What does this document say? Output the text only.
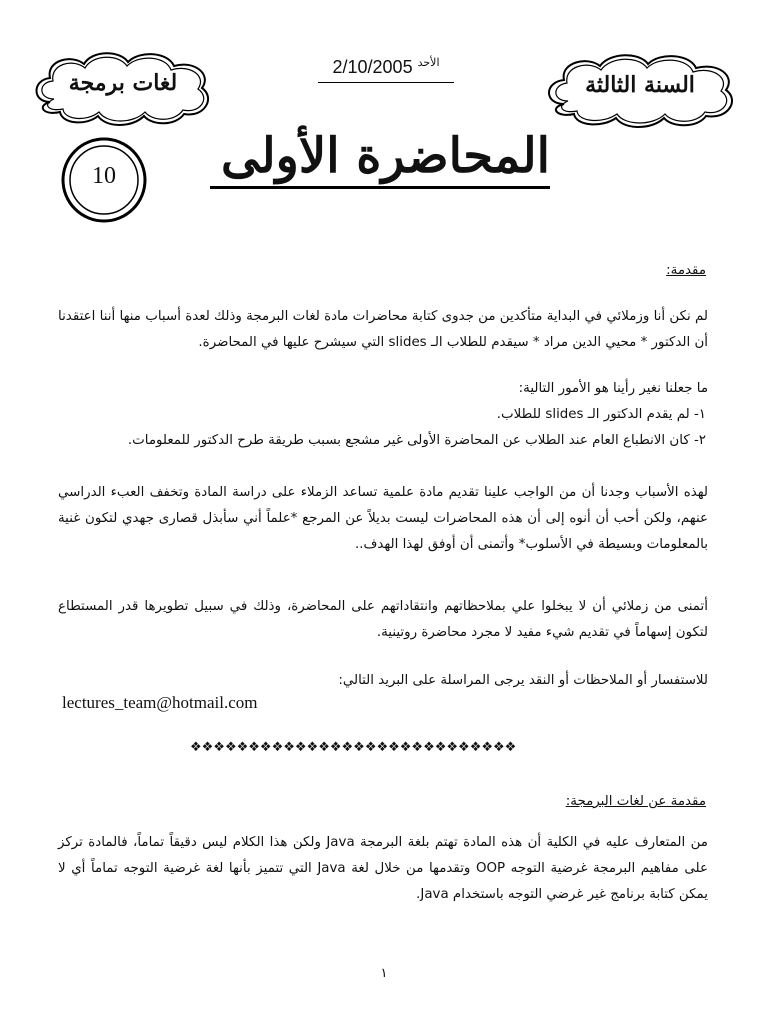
لغات برمجة
$^{الأحد}$ 2/10/2005
السنة الثالثة
10	المحاضرة الأولى
مقدمة:

لم نكن أنا وزملائي في البداية متأكدين من جدوى كتابة محاضرات مادة لغات البرمجة وذلك لعدة أسباب منها أننا اعتقدنا أن الدكتور * محيي الدين مراد * سيقدم للطلاب الـ slides التي سيشرح عليها في المحاضرة.

ما جعلنا نغير رأينا هو الأمور التالية:

١- لم يقدم الدكتور الـ slides للطلاب.

٢- كان الانطباع العام عند الطلاب عن المحاضرة الأولى غير مشجع بسبب طريقة طرح الدكتور للمعلومات.

لهذه الأسباب وجدنا أن من الواجب علينا تقديم مادة علمية تساعد الزملاء على دراسة المادة وتخفف العبء الدراسي عنهم، ولكن أحب أن أنوه إلى أن هذه المحاضرات ليست بديلاً عن المرجع *علماً أني سأبذل قصارى جهدي لتكون غنية بالمعلومات وبسيطة في الأسلوب* وأتمنى أن أوفق لهذا الهدف..

أتمنى من زملائي أن لا يبخلوا علي بملاحظاتهم وانتقاداتهم على المحاضرة، وذلك في سبيل تطويرها قدر المستطاع لتكون إسهاماً في تقديم شيء مفيد لا مجرد محاضرة روتينية.

للاستفسار أو الملاحظات أو النقد يرجى المراسلة على البريد التالي:

lectures_team@hotmail.com
❖❖❖❖❖❖❖❖❖❖❖❖❖❖❖❖❖❖❖❖❖❖❖❖❖❖❖❖
مقدمة عن لغات البرمجة:

من المتعارف عليه في الكلية أن هذه المادة تهتم بلغة البرمجة Java ولكن هذا الكلام ليس دقيقاً تماماً، فالمادة تركز على مفاهيم البرمجة غرضية التوجه OOP وتقدمها من خلال لغة Java التي تتميز بأنها لغة غرضية التوجه تماماً أي لا يمكن كتابة برنامج غير غرضي التوجه باستخدام Java.

١
